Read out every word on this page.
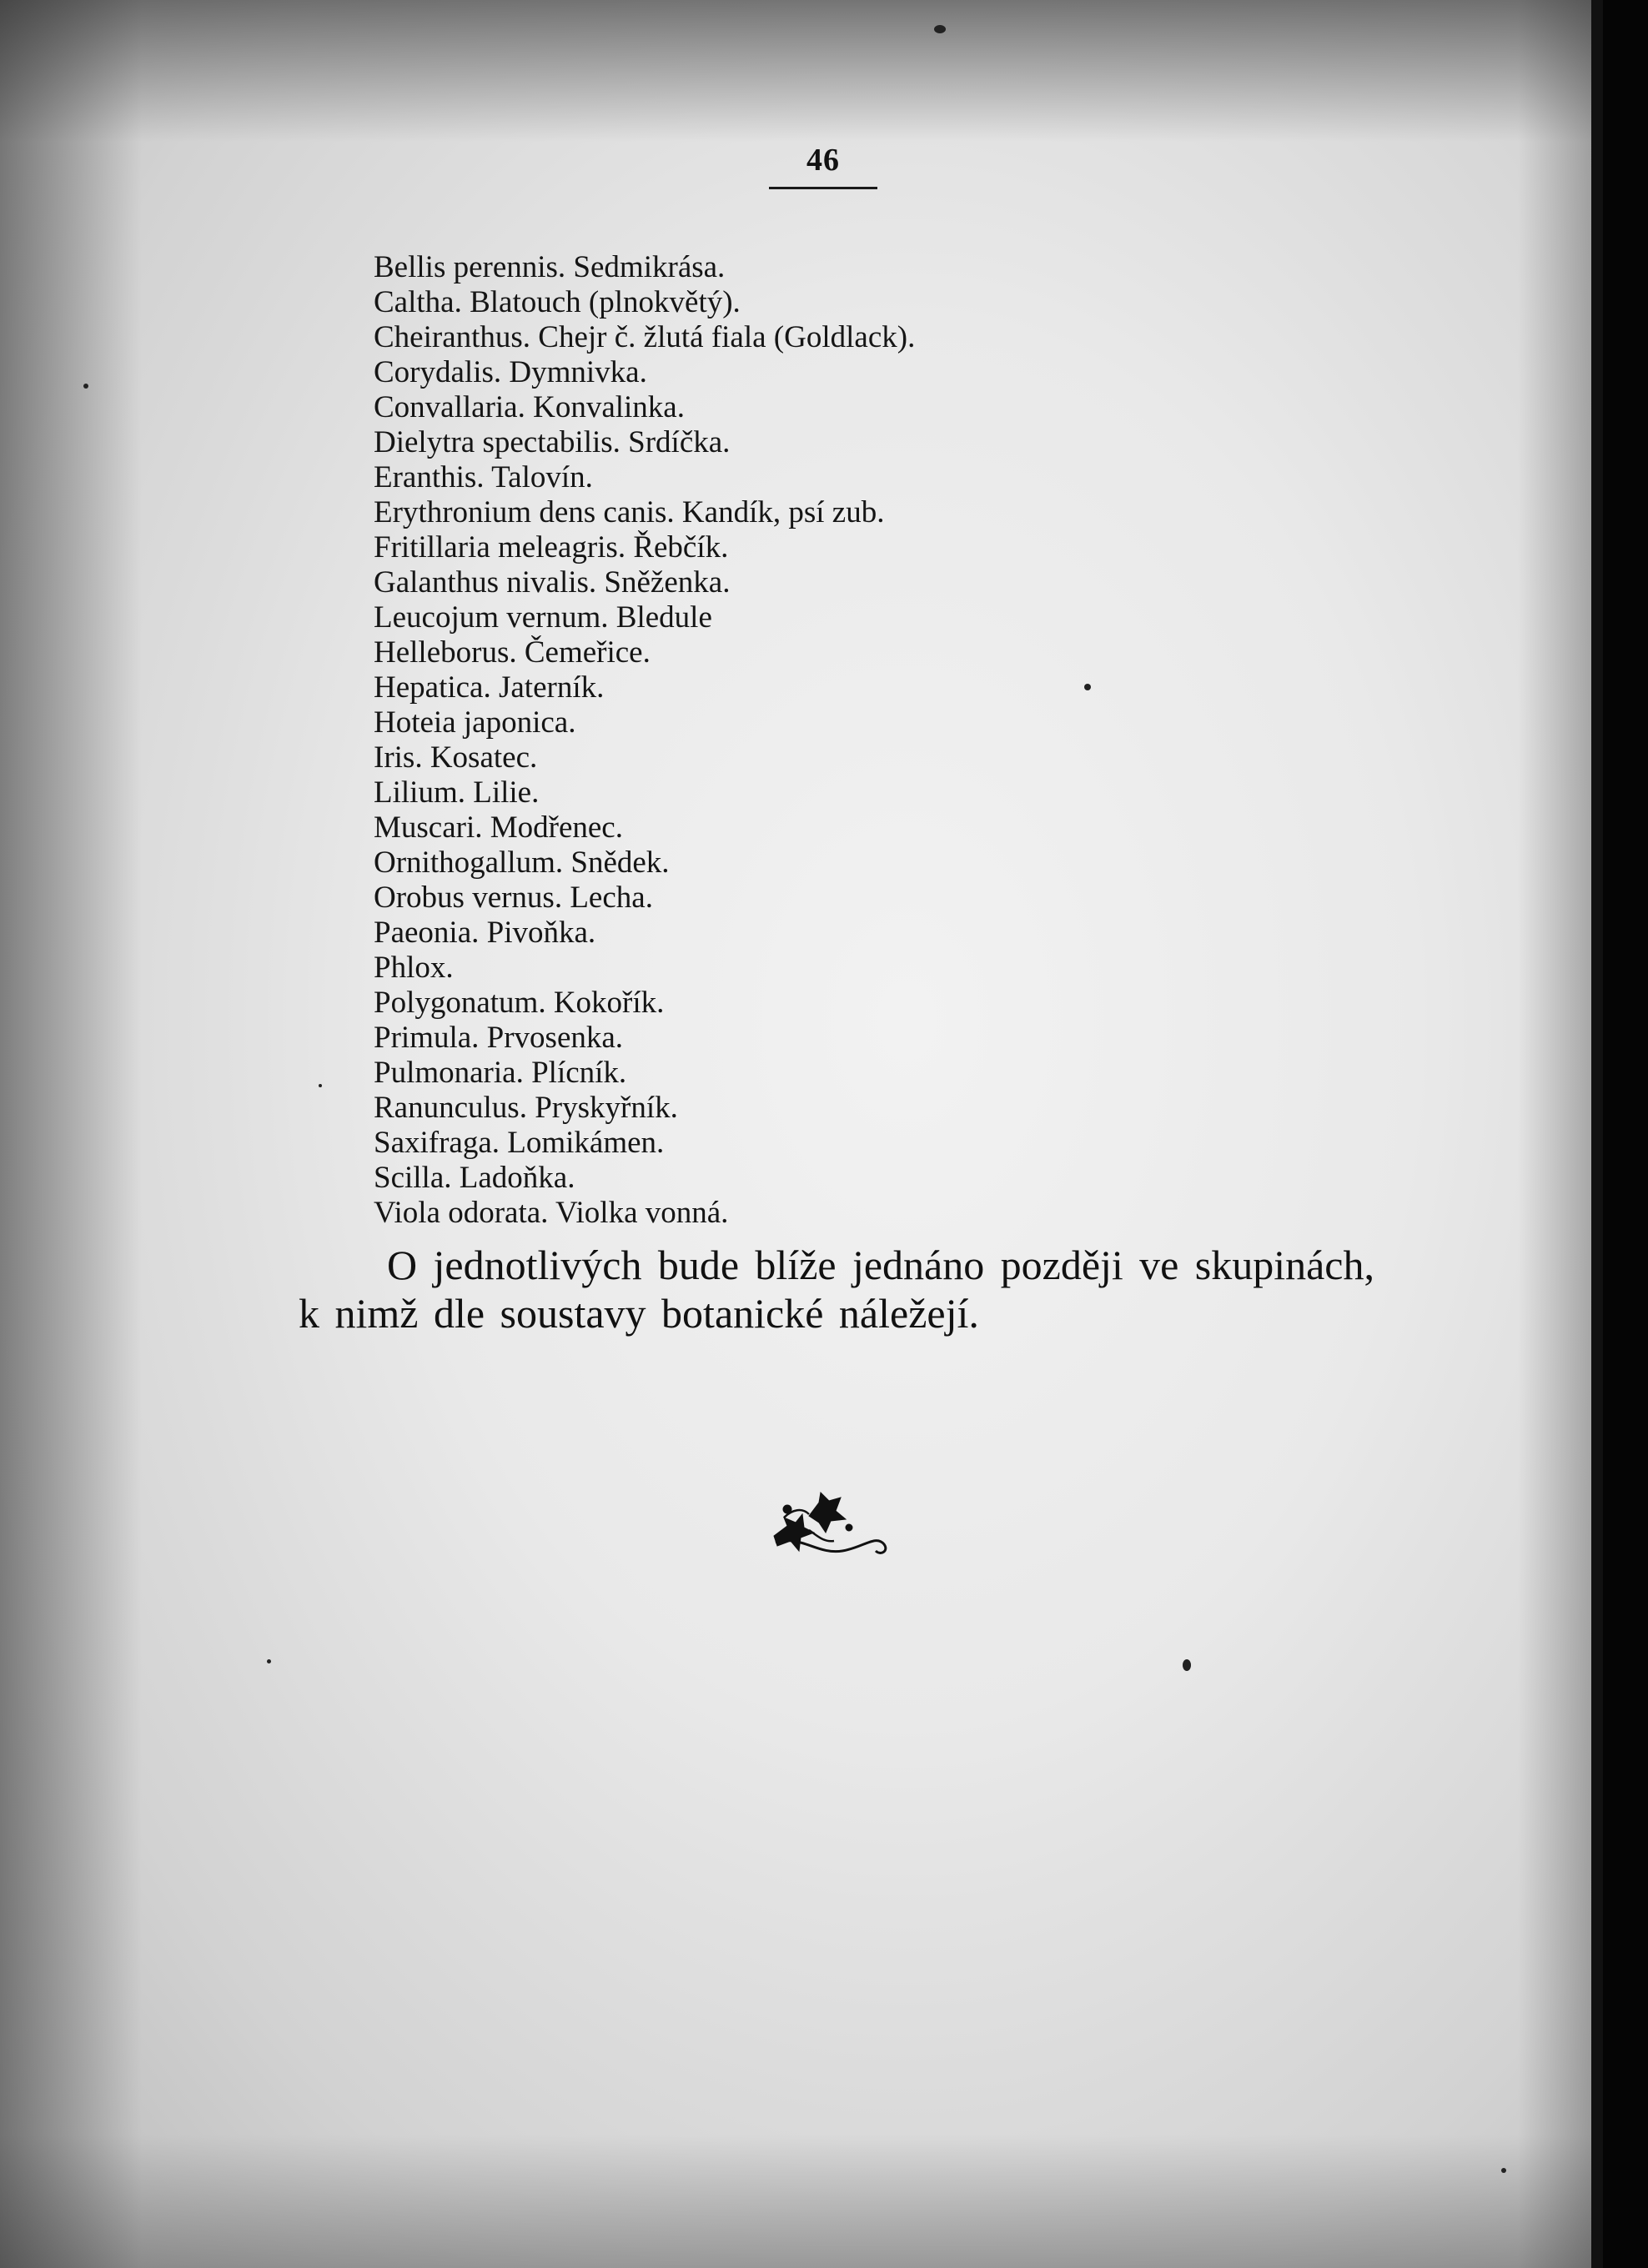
46
Bellis perennis. Sedmikrása.
Caltha. Blatouch (plnokvětý).
Cheiranthus. Chejr č. žlutá fiala (Goldlack).
Corydalis. Dymnivka.
Convallaria. Konvalinka.
Dielytra spectabilis. Srdíčka.
Eranthis. Talovín.
Erythronium dens canis. Kandík, psí zub.
Fritillaria meleagris. Řebčík.
Galanthus nivalis. Sněženka.
Leucojum vernum. Bledule
Helleborus. Čemeřice.
Hepatica. Jaterník.
Hoteia japonica.
Iris. Kosatec.
Lilium. Lilie.
Muscari. Modřenec.
Ornithogallum. Snědek.
Orobus vernus. Lecha.
Paeonia. Pivoňka.
Phlox.
Polygonatum. Kokořík.
Primula. Prvosenka.
Pulmonaria. Plícník.
Ranunculus. Pryskyřník.
Saxifraga. Lomikámen.
Scilla. Ladoňka.
Viola odorata. Violka vonná.

O jednotlivých bude blíže jednáno později ve skupinách, k nimž dle soustavy botanické náležejí.
